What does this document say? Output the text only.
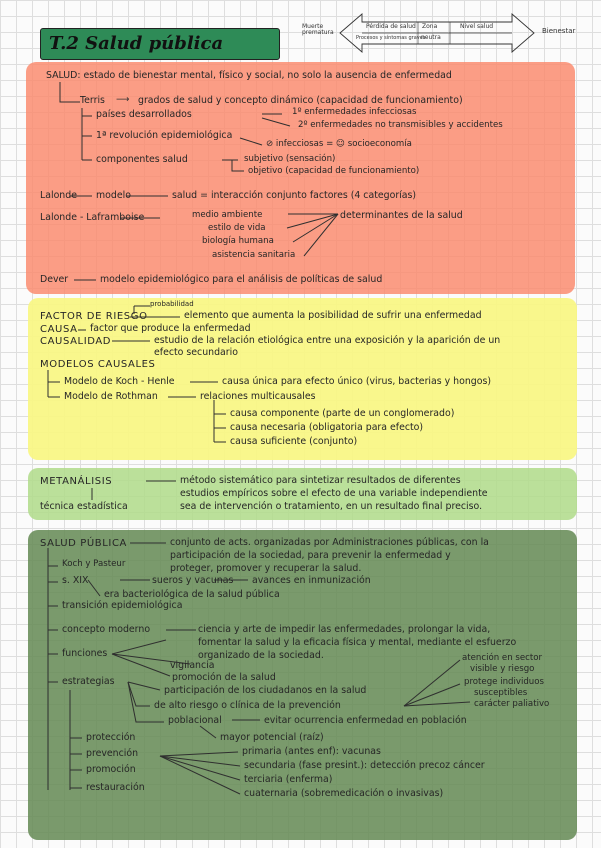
T.2 Salud pública
Muerte
prematura	Bienestar
Pérdida de salud
Procesos y síntomas graves
Zona
neutra
Nivel salud
SALUD: estado de bienestar mental, físico y social, no solo la ausencia de enfermedad
Terris ⟶ grados de salud y concepto dinámico (capacidad de funcionamiento)
países desarrollados	1º enfermedades infecciosas
2º enfermedades no transmisibles y accidentes
1ª revolución epidemiológica
⊘ infecciosas = ☺ socioeconomía
componentes salud	subjetivo (sensación)
objetivo (capacidad de funcionamiento)
Lalonde modelo	salud = interacción conjunto factores (4 categorías)
Lalonde - Laframboise	determinantes de la salud
medio ambiente
estilo de vida
biología humana
asistencia sanitaria
Dever	modelo epidemiológico para el análisis de políticas de salud
probabilidad
FACTOR DE RIESGO	elemento que aumenta la posibilidad de sufrir una enfermedad
CAUSA factor que produce la enfermedad
CAUSALIDAD	estudio de la relación etiológica entre una exposición y la aparición de un
efecto secundario
MODELOS CAUSALES
Modelo de Koch - Henle	causa única para efecto único (virus, bacterias y hongos)
Modelo de Rothman	relaciones multicausales
causa componente (parte de un conglomerado)
causa necesaria (obligatoria para efecto)
causa suficiente (conjunto)
METANÁLISIS	método sistemático para sintetizar resultados de diferentes
estudios empíricos sobre el efecto de una variable independiente
sea de intervención o tratamiento, en un resultado final preciso.
técnica estadística
SALUD PÚBLICA	conjunto de acts. organizadas por Administraciones públicas, con la
participación de la sociedad, para prevenir la enfermedad y
proteger, promover y recuperar la salud.
Koch y Pasteur
s. XIX	sueros y vacunas avances en inmunización
era bacteriológica de la salud pública
transición epidemiológica
concepto moderno	ciencia y arte de impedir las enfermedades, prolongar la vida,
fomentar la salud y la eficacia física y mental, mediante el esfuerzo
organizado de la sociedad.
funciones
vigilancia
promoción de la salud
participación de los ciudadanos en la salud
estrategias
de alto riesgo o clínica de la prevención
atención en sector
visible y riesgo
protege individuos
susceptibles
carácter paliativo
poblacional	evitar ocurrencia enfermedad en población
mayor potencial (raíz)
protección
prevención
promoción
restauración
primaria (antes enf): vacunas
secundaria (fase presint.): detección precoz cáncer
terciaria (enferma)
cuaternaria (sobremedicación o invasivas)
